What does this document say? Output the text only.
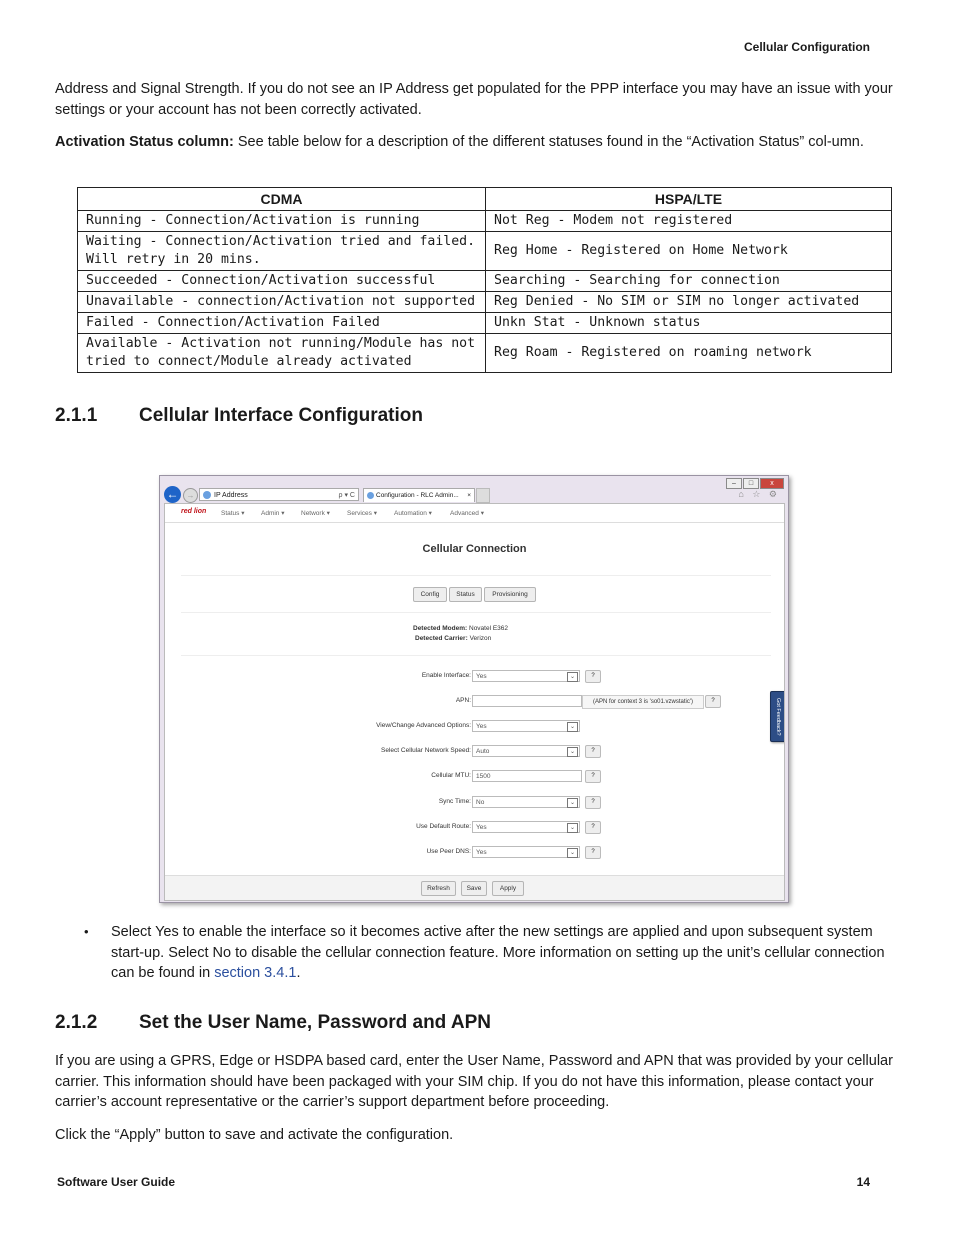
Cellular Configuration
Address and Signal Strength. If you do not see an IP Address get populated for the PPP interface you may have an issue with your settings or your account has not been correctly activated.
Activation Status column: See table below for a description of the different statuses found in the “Activation Status” col-umn.
CDMA	HSPA/LTE
Running - Connection/Activation is running	Not Reg - Modem not registered
Waiting - Connection/Activation tried and failed. Will retry in 20 mins.	Reg Home - Registered on Home Network
Succeeded - Connection/Activation successful	Searching - Searching for connection
Unavailable - connection/Activation not supported	Reg Denied - No SIM or SIM no longer activated
Failed - Connection/Activation Failed	Unkn Stat - Unknown status
Available - Activation not running/Module has not tried to connect/Module already activated	Reg Roam - Registered on roaming network
2.1.1 Cellular Interface Configuration
–	□	x
←	→	IP Address	ρ ▾ C	Configuration - RLC Admin... ×	⌂ ☆ ⚙
red lion Status ▾	Admin ▾	Network ▾	Services ▾	Automation ▾	Advanced ▾
Cellular Connection
Config	Status	Provisioning
Detected Modem: Novatel E362
Detected Carrier: Verizon
Enable Interface: Yes	⌄	?
APN:	(APN for context 3 is 'so01.vzwstatic')	?
View/Change Advanced Options: Yes	⌄
Select Cellular Network Speed: Auto	⌄	?
Cellular MTU: 1500	?
Sync Time: No	⌄	?
Use Default Route: Yes	⌄	?
Use Peer DNS: Yes	⌄	?
Refresh	Save	Apply
Got Feedback?
• Select Yes to enable the interface so it becomes active after the new settings are applied and upon subsequent system start-up. Select No to disable the cellular connection feature. More information on setting up the unit’s cellular connection can be found in section 3.4.1.
2.1.2 Set the User Name, Password and APN
If you are using a GPRS, Edge or HSDPA based card, enter the User Name, Password and APN that was provided by your cellular carrier. This information should have been packaged with your SIM chip. If you do not have this information, please contact your carrier’s account representative or the carrier’s support department before proceeding.
Click the “Apply” button to save and activate the configuration.
Software User Guide	14
